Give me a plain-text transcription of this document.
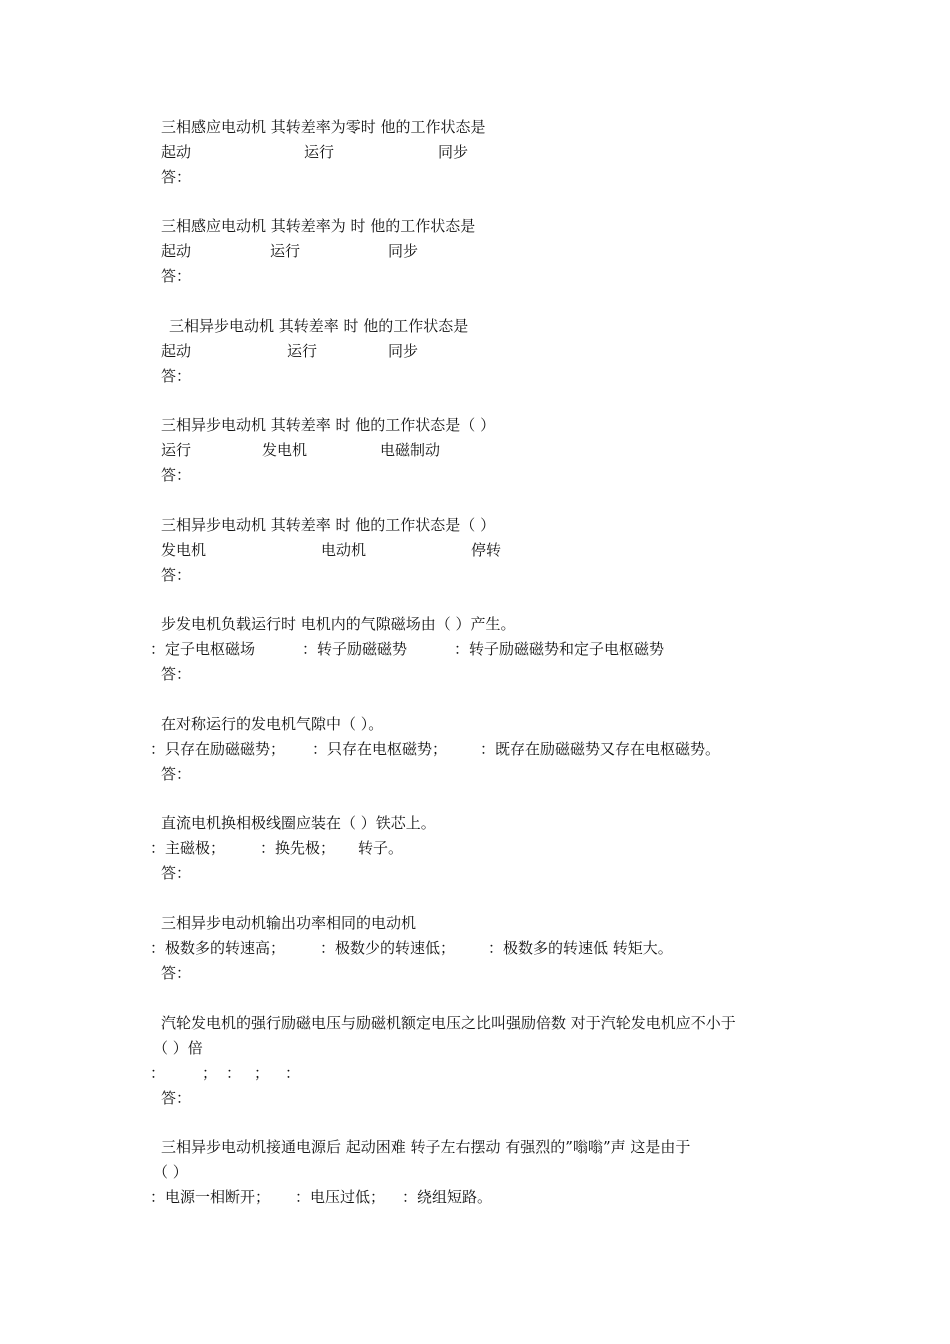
三相感应电动机 其转差率为零时 他的工作状态是
起动	运行	同步
答：
三相感应电动机 其转差率为 时 他的工作状态是
起动	运行	同步
答：
三相异步电动机 其转差率 时 他的工作状态是
起动	运行	同步
答：
三相异步电动机 其转差率 时 他的工作状态是（ ）
运行	发电机	电磁制动
答：
三相异步电动机 其转差率 时 他的工作状态是（ ）
发电机	电动机	停转
答：
步发电机负载运行时 电机内的气隙磁场由（ ）产生。
：定子电枢磁场	：转子励磁磁势	：转子励磁磁势和定子电枢磁势
答：
在对称运行的发电机气隙中（ ）。
：只存在励磁磁势； ：只存在电枢磁势； ：既存在励磁磁势又存在电枢磁势。
答：
直流电机换相极线圈应装在（ ）铁芯上。
：主磁极； ：换先极； 转子。
答：
三相异步电动机输出功率相同的电动机
：极数多的转速高； ：极数少的转速低； ：极数多的转速低 转矩大。
答：
汽轮发电机的强行励磁电压与励磁机额定电压之比叫强励倍数 对于汽轮发电机应不小于
（ ）倍
： ； ： ； ：
答：
三相异步电动机接通电源后 起动困难 转子左右摆动 有强烈的”嗡嗡”声 这是由于
（ ）
：电源一相断开； ：电压过低； ：绕组短路。
